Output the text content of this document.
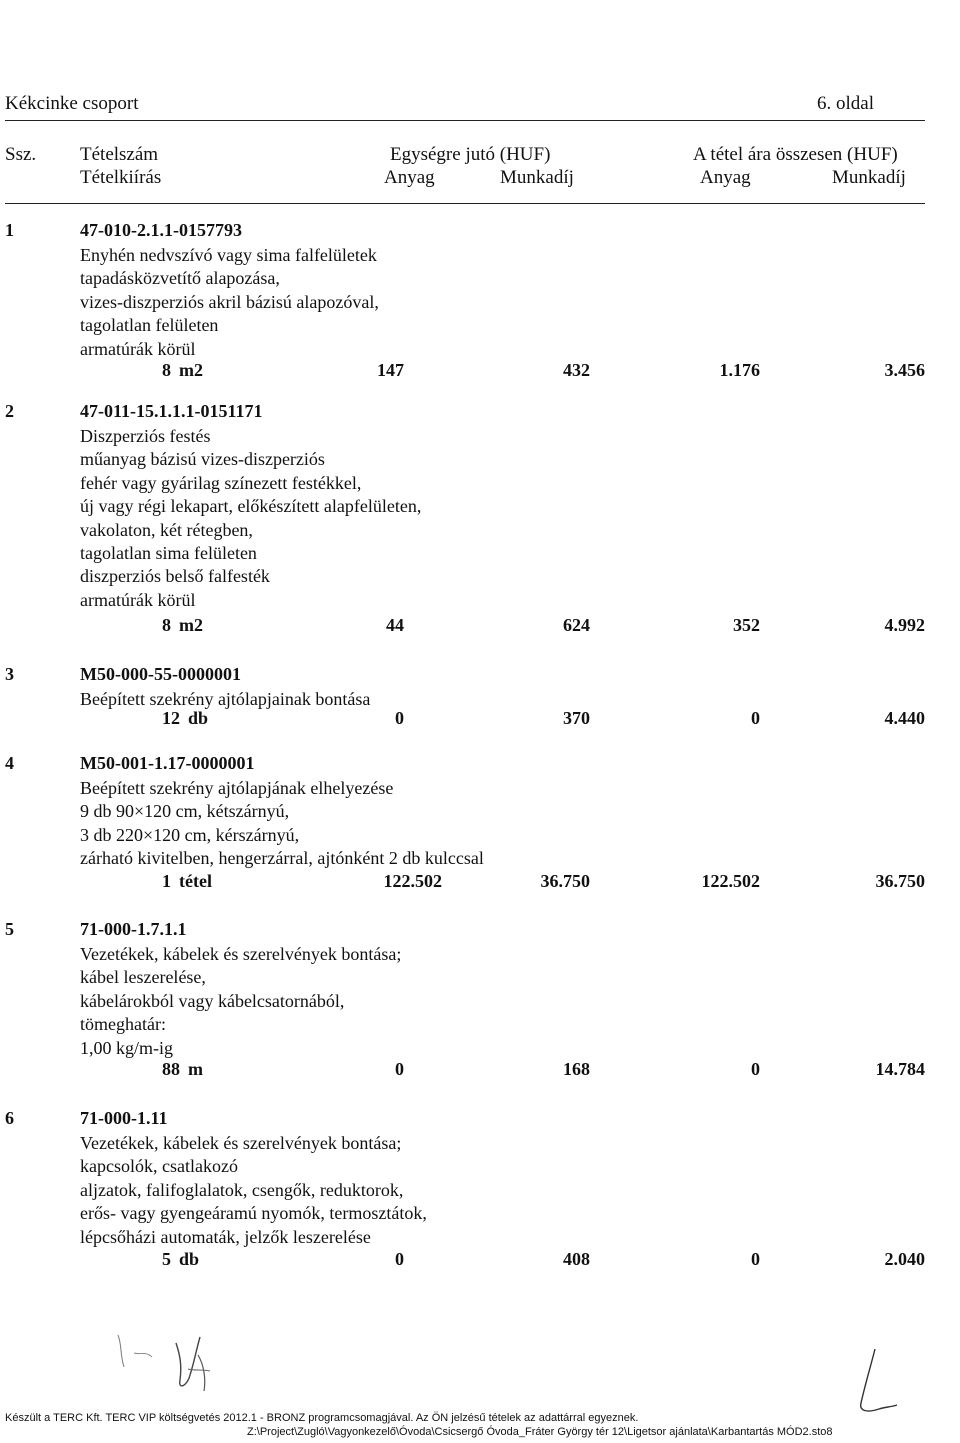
Kékcinke csoport	6. oldal
Ssz. Tételszám
Tételkiírás
Egységre jutó (HUF)
Anyag	Munkadíj
A tétel ára összesen (HUF)
Anyag	Munkadíj
1	47-010-2.1.1-0157793
Enyhén nedvszívó vagy sima falfelületek
tapadásközvetítő alapozása,
vizes-diszperziós akril bázisú alapozóval,
tagolatlan felületen
armatúrák körül
8 m2	147	432	1.176	3.456
2	47-011-15.1.1.1-0151171
Diszperziós festés
műanyag bázisú vizes-diszperziós
fehér vagy gyárilag színezett festékkel,
új vagy régi lekapart, előkészített alapfelületen,
vakolaton, két rétegben,
tagolatlan sima felületen
diszperziós belső falfesték
armatúrák körül
8 m2	44	624	352	4.992
3	M50-000-55-0000001
Beépített szekrény ajtólapjainak bontása
12 db	0	370	0	4.440
4	M50-001-1.17-0000001
Beépített szekrény ajtólapjának elhelyezése
9 db 90×120 cm, kétszárnyú,
3 db 220×120 cm, kérszárnyú,
zárható kivitelben, hengerzárral, ajtónként 2 db kulccsal
1 tétel	122.502	36.750	122.502	36.750
5	71-000-1.7.1.1
Vezetékek, kábelek és szerelvények bontása;
kábel leszerelése,
kábelárokból vagy kábelcsatornából,
tömeghatár:
1,00 kg/m-ig
88 m	0	168	0	14.784
6	71-000-1.11
Vezetékek, kábelek és szerelvények bontása;
kapcsolók, csatlakozó
aljzatok, falifoglalatok, csengők, reduktorok,
erős- vagy gyengeáramú nyomók, termosztátok,
lépcsőházi automaták, jelzők leszerelése
5 db	0	408	0	2.040
Készült a TERC Kft. TERC VIP költségvetés 2012.1 - BRONZ programcsomagjával. Az ÖN jelzésű tételek az adattárral egyeznek.
Z:\Project\Zugló\Vagyonkezelő\Óvoda\Csicsergő Óvoda_Fráter György tér 12\Ligetsor ajánlata\Karbantartás MÓD2.sto8
